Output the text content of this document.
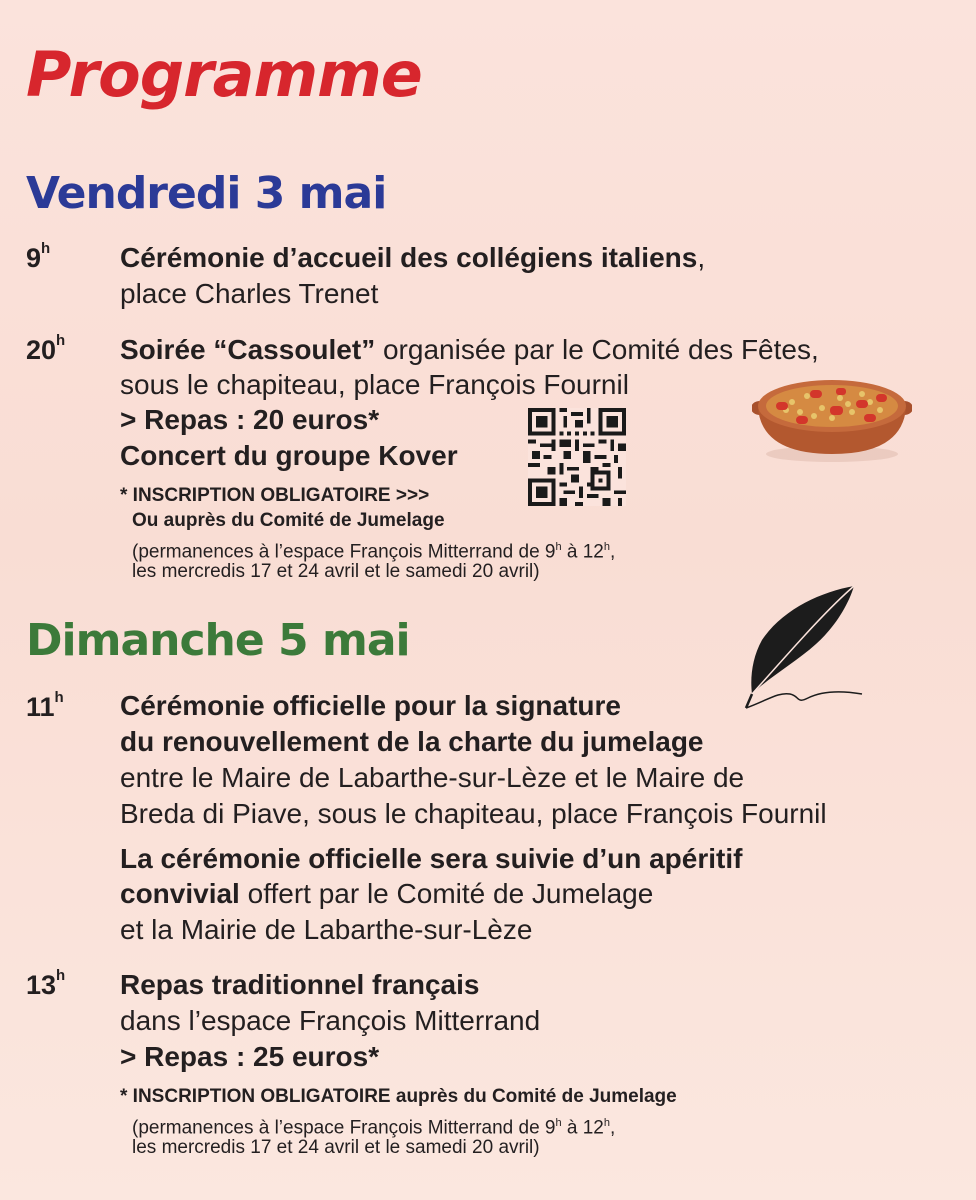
Programme
Vendredi 3 mai
9$^h$ Cérémonie d’accueil des collégiens italiens,
place Charles Trenet
20$^h$ Soirée “Cassoulet” organisée par le Comité des Fêtes,
sous le chapiteau, place François Fournil
> Repas : 20 euros*
Concert du groupe Kover
* INSCRIPTION OBLIGATOIRE >>>
Ou auprès du Comité de Jumelage
(permanences à l’espace François Mitterrand de 9$^h$ à 12$^h$,
les mercredis 17 et 24 avril et le samedi 20 avril)
Dimanche 5 mai
11$^h$ Cérémonie officielle pour la signature
du renouvellement de la charte du jumelage
entre le Maire de Labarthe-sur-Lèze et le Maire de
Breda di Piave, sous le chapiteau, place François Fournil
La cérémonie officielle sera suivie d’un apéritif
convivial offert par le Comité de Jumelage
et la Mairie de Labarthe-sur-Lèze
13$^h$ Repas traditionnel français
dans l’espace François Mitterrand
> Repas : 25 euros*
* INSCRIPTION OBLIGATOIRE auprès du Comité de Jumelage
(permanences à l’espace François Mitterrand de 9$^h$ à 12$^h$,
les mercredis 17 et 24 avril et le samedi 20 avril)
